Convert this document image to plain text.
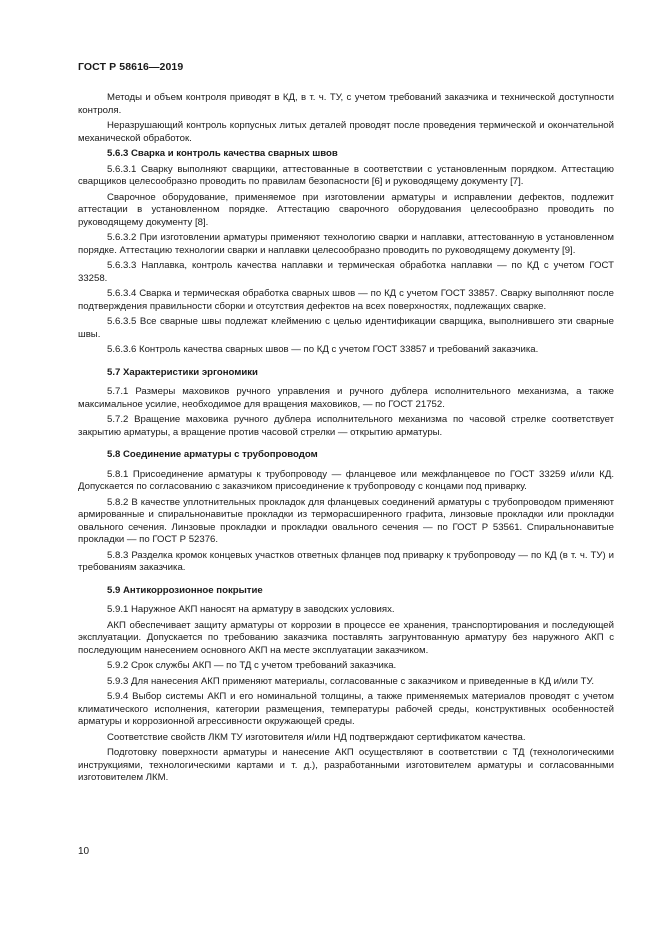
ГОСТ Р 58616—2019

Методы и объем контроля приводят в КД, в т. ч. ТУ, с учетом требований заказчика и технической доступности контроля.

Неразрушающий контроль корпусных литых деталей проводят после проведения термической и окончательной механической обработок.

5.6.3 Сварка и контроль качества сварных швов

5.6.3.1 Сварку выполняют сварщики, аттестованные в соответствии с установленным порядком. Аттестацию сварщиков целесообразно проводить по правилам безопасности [6] и руководящему документу [7].

Сварочное оборудование, применяемое при изготовлении арматуры и исправлении дефектов, подлежит аттестации в установленном порядке. Аттестацию сварочного оборудования целесообразно проводить по руководящему документу [8].

5.6.3.2 При изготовлении арматуры применяют технологию сварки и наплавки, аттестованную в установленном порядке. Аттестацию технологии сварки и наплавки целесообразно проводить по руководящему документу [9].

5.6.3.3 Наплавка, контроль качества наплавки и термическая обработка наплавки — по КД с учетом ГОСТ 33258.

5.6.3.4 Сварка и термическая обработка сварных швов — по КД с учетом ГОСТ 33857. Сварку выполняют после подтверждения правильности сборки и отсутствия дефектов на всех поверхностях, подлежащих сварке.

5.6.3.5 Все сварные швы подлежат клеймению с целью идентификации сварщика, выполнившего эти сварные швы.

5.6.3.6 Контроль качества сварных швов — по КД с учетом ГОСТ 33857 и требований заказчика.

5.7 Характеристики эргономики

5.7.1 Размеры маховиков ручного управления и ручного дублера исполнительного механизма, а также максимальное усилие, необходимое для вращения маховиков, — по ГОСТ 21752.

5.7.2 Вращение маховика ручного дублера исполнительного механизма по часовой стрелке соответствует закрытию арматуры, а вращение против часовой стрелки — открытию арматуры.

5.8 Соединение арматуры с трубопроводом

5.8.1 Присоединение арматуры к трубопроводу — фланцевое или межфланцевое по ГОСТ 33259 и/или КД. Допускается по согласованию с заказчиком присоединение к трубопроводу с концами под приварку.

5.8.2 В качестве уплотнительных прокладок для фланцевых соединений арматуры с трубопроводом применяют армированные и спиральнонавитые прокладки из терморасширенного графита, линзовые прокладки или прокладки овального сечения. Линзовые прокладки и прокладки овального сечения — по ГОСТ Р 53561. Спиральнонавитые прокладки — по ГОСТ Р 52376.

5.8.3 Разделка кромок концевых участков ответных фланцев под приварку к трубопроводу — по КД (в т. ч. ТУ) и требованиям заказчика.

5.9 Антикоррозионное покрытие

5.9.1 Наружное АКП наносят на арматуру в заводских условиях.

АКП обеспечивает защиту арматуры от коррозии в процессе ее хранения, транспортирования и последующей эксплуатации. Допускается по требованию заказчика поставлять загрунтованную арматуру без наружного АКП с последующим нанесением основного АКП на месте эксплуатации заказчиком.

5.9.2 Срок службы АКП — по ТД с учетом требований заказчика.

5.9.3 Для нанесения АКП применяют материалы, согласованные с заказчиком и приведенные в КД и/или ТУ.

5.9.4 Выбор системы АКП и его номинальной толщины, а также применяемых материалов проводят с учетом климатического исполнения, категории размещения, температуры рабочей среды, конструктивных особенностей арматуры и коррозионной агрессивности окружающей среды.

Соответствие свойств ЛКМ ТУ изготовителя и/или НД подтверждают сертификатом качества.

Подготовку поверхности арматуры и нанесение АКП осуществляют в соответствии с ТД (технологическими инструкциями, технологическими картами и т. д.), разработанными изготовителем арматуры и согласованными изготовителем ЛКМ.

10
